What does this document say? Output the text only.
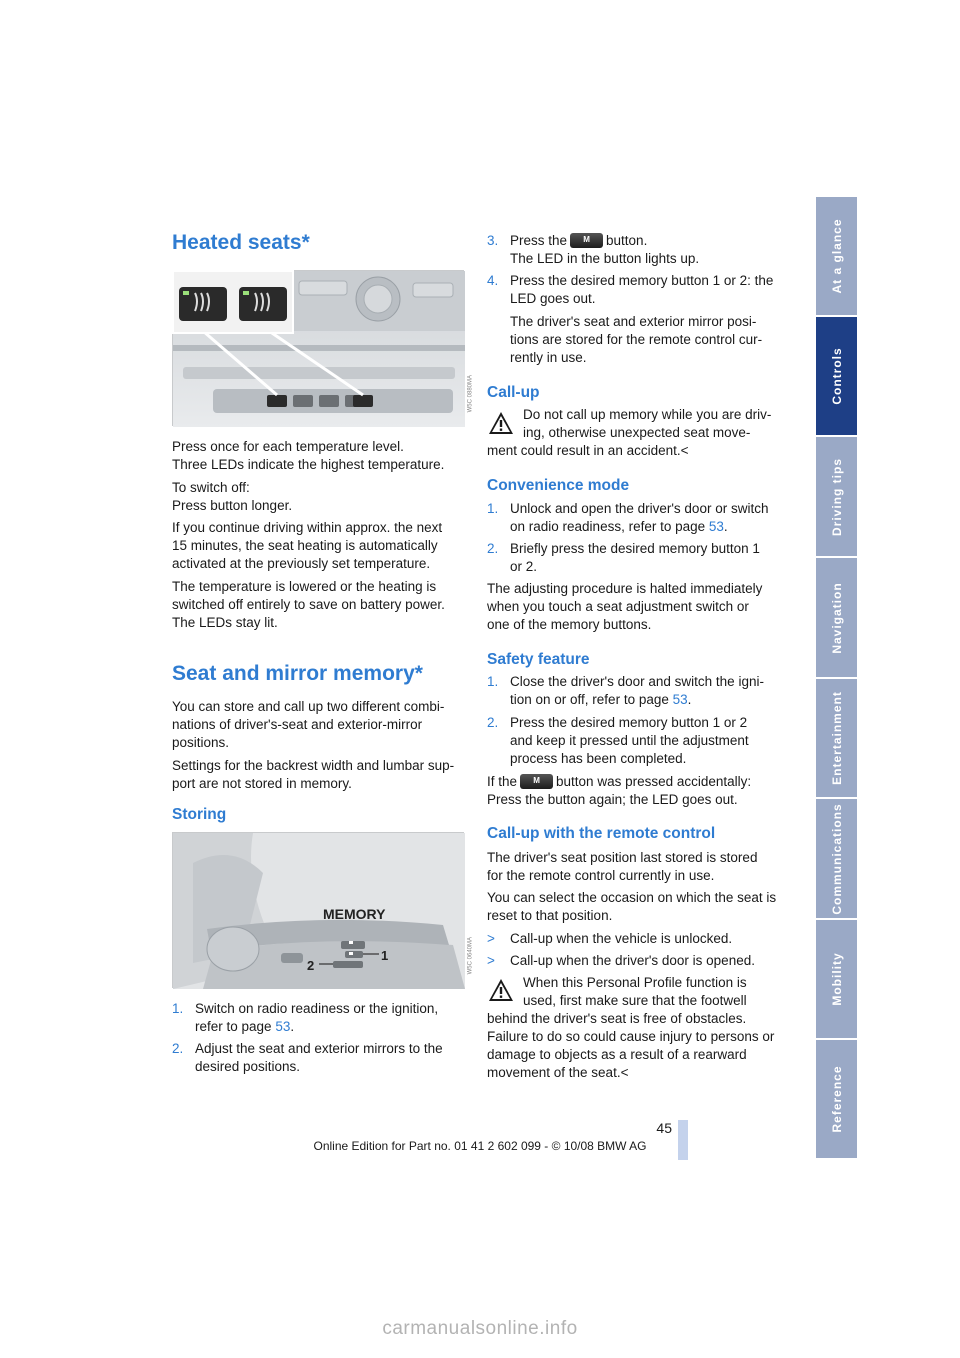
Heated seats*
W5C 0880MA
Press once for each temperature level.
Three LEDs indicate the highest temperature.
To switch off:
Press button longer.
If you continue driving within approx. the next
15 minutes, the seat heating is automatically
activated at the previously set temperature.
The temperature is lowered or the heating is
switched off entirely to save on battery power.
The LEDs stay lit.
Seat and mirror memory*
You can store and call up two different combi-
nations of driver's-seat and exterior-mirror
positions.
Settings for the backrest width and lumbar sup-
port are not stored in memory.
Storing
MEMORY
1
2	W5C 0640MA
1. Switch on radio readiness or the ignition,
refer to page 53.
2. Adjust the seat and exterior mirrors to the
desired positions.
3. Press the M	button.
The LED in the button lights up.
4. Press the desired memory button 1 or 2: the
LED goes out.
The driver's seat and exterior mirror posi-
tions are stored for the remote control cur-
rently in use.
Call-up
Do not call up memory while you are driv-
ing, otherwise unexpected seat move-
ment could result in an accident.<
Convenience mode
1. Unlock and open the driver's door or switch
on radio readiness, refer to page 53.
2. Briefly press the desired memory button 1
or 2.
The adjusting procedure is halted immediately
when you touch a seat adjustment switch or
one of the memory buttons.
Safety feature
1. Close the driver's door and switch the igni-
tion on or off, refer to page 53.
2. Press the desired memory button 1 or 2
and keep it pressed until the adjustment
process has been completed.
If the M	button was pressed accidentally:
Press the button again; the LED goes out.
Call-up with the remote control
The driver's seat position last stored is stored
for the remote control currently in use.
You can select the occasion on which the seat is
reset to that position.
> Call-up when the vehicle is unlocked.
> Call-up when the driver's door is opened.
When this Personal Profile function is
used, first make sure that the footwell
behind the driver's seat is free of obstacles.
Failure to do so could cause injury to persons or
damage to objects as a result of a rearward
movement of the seat.<
At a glance
Controls
Driving tips
Navigation
Entertainment
Communications
Mobility
Reference
45
Online Edition for Part no. 01 41 2 602 099 - © 10/08 BMW AG
carmanualsonline.info
